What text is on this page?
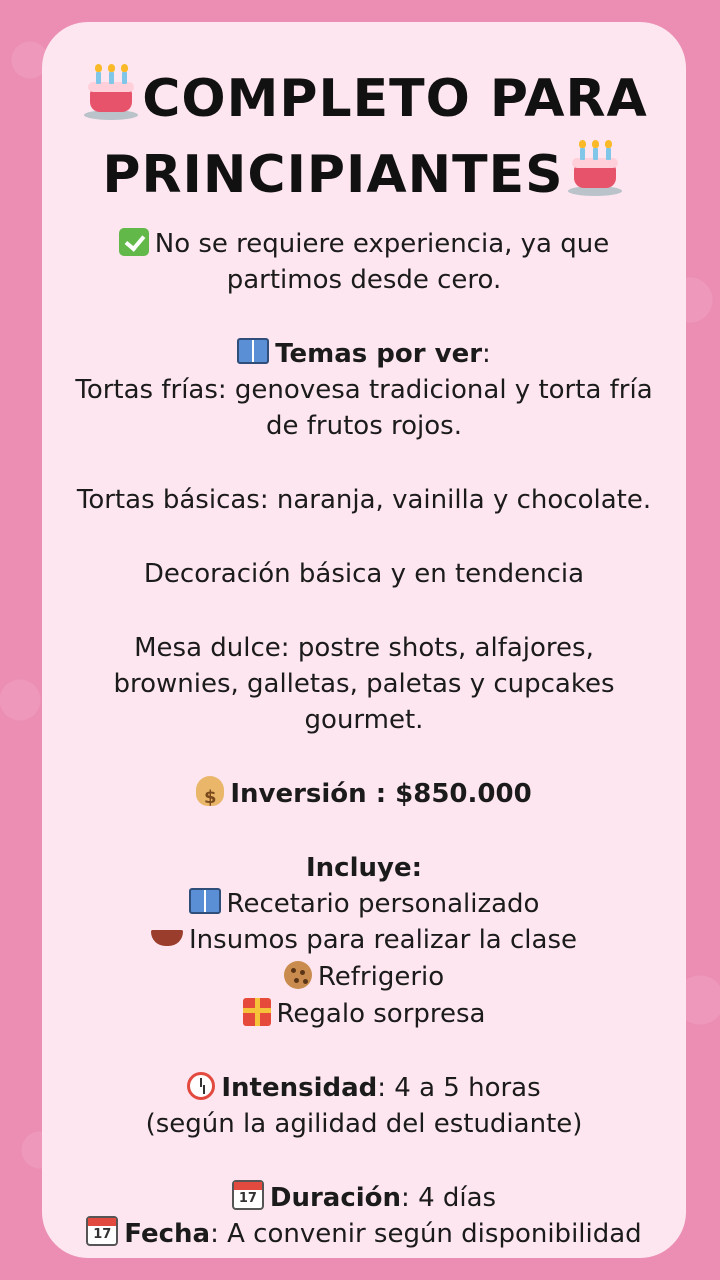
COMPLETO PARA
PRINCIPIANTES
No se requiere experiencia, ya que
partimos desde cero.
Temas por ver:
Tortas frías: genovesa tradicional y torta fría
de frutos rojos.
Tortas básicas: naranja, vainilla y chocolate.
Decoración básica y en tendencia
Mesa dulce: postre shots, alfajores,
brownies, galletas, paletas y cupcakes
gourmet.
$Inversión : $850.000
Incluye:
Recetario personalizado
Insumos para realizar la clase
Refrigerio
Regalo sorpresa
Intensidad: 4 a 5 horas
(según la agilidad del estudiante)
17Duración: 4 días
17Fecha: A convenir según disponibilidad
